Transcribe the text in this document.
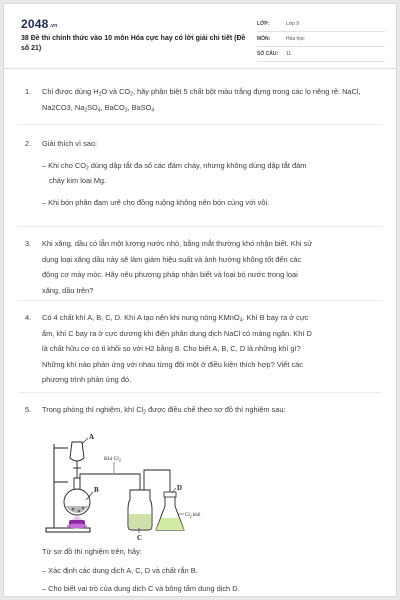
2048.vn
38 Đề thi chính thức vào 10 môn Hóa cực hay có lời giải chi tiết (Đề số 21)
LỚP:	Lớp 9
MÔN:	Hóa học
SỐ CÂU:	11
1.	Chỉ được dùng $H_2O$ và $CO_2$, hãy phân biệt 5 chất bột màu trắng đựng trong các lọ riêng rẽ: NaCl, Na2CO3, $Na_2SO_4$, BaCO$_3$, BaSO$_4$

2.	Giải thích vì sao:

– Khi cho $CO_2$ dùng dập tắt đa số các đám cháy, nhưng không dùng dập tắt đám

cháy kim loại Mg.

– Khi bón phân đạm urê cho đồng ruộng không nên bón cùng với vôi.

3.	Khi xăng, dầu có lẫn một lượng nước nhỏ, bằng mắt thường khó nhận biết. Khi sử

dụng loại xăng dầu này sẽ làm giảm hiệu suất và ảnh hưởng không tốt đến các

động cơ máy móc. Hãy nêu phương pháp nhận biết và loại bỏ nước trong loại

xăng, dầu trên?

4.	Có 4 chất khí A, B, C, D. Khí A tạo nên khi nung nóng KMnO$_4$. Khí B bay ra ở cực

ẩm, khí C bay ra ở cực dương khi điện phân dung dịch NaCl có màng ngăn. Khí D

là chất hữu cơ có tỉ khối so với H2 bằng 8. Cho biết A, B, C, D là những khí gì?

Những khí nào phản ứng với nhau từng đôi một ở điều kiện thích hợp? Viết các

phương trình phản ứng đó.

5.	Trong phòng thí nghiệm, khí $Cl_2$ được điều chế theo sơ đồ thí nghiệm sau:

A
Khí $Cl_2$
B
C
D
$Cl_2$ khô

Từ sơ đồ thí nghiệm trên, hãy:

– Xác định các dung dịch A, C, D và chất rắn B.

– Cho biết vai trò của dung dịch C và bông tẩm dung dịch D.
